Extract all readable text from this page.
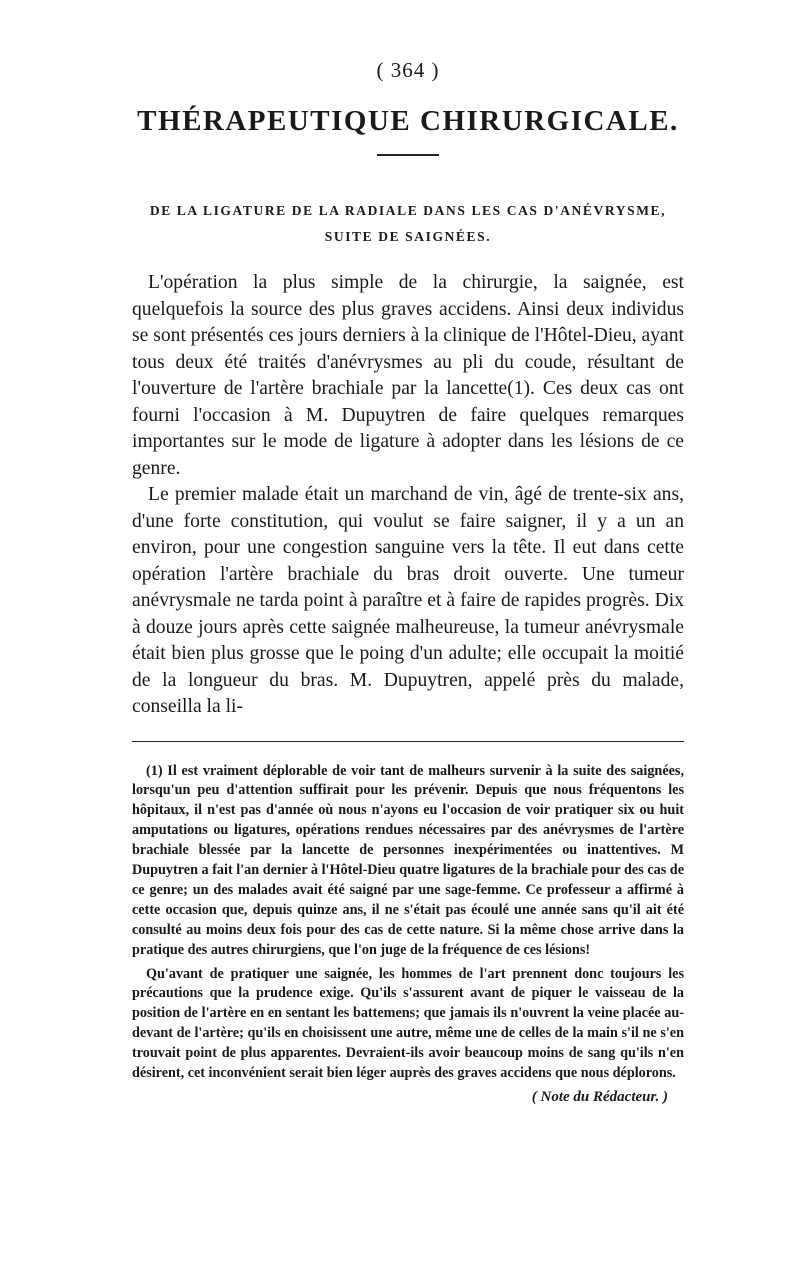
( 364 )
THÉRAPEUTIQUE CHIRURGICALE.
DE LA LIGATURE DE LA RADIALE DANS LES CAS D'ANÉVRYSME,
SUITE DE SAIGNÉES.

L'opération la plus simple de la chirurgie, la saignée, est quelquefois la source des plus graves accidens. Ainsi deux individus se sont présentés ces jours derniers à la clinique de l'Hôtel-Dieu, ayant tous deux été traités d'anévrysmes au pli du coude, résultant de l'ouverture de l'artère brachiale par la lancette(1). Ces deux cas ont fourni l'occasion à M. Dupuytren de faire quelques remarques importantes sur le mode de ligature à adopter dans les lésions de ce genre.

Le premier malade était un marchand de vin, âgé de trente-six ans, d'une forte constitution, qui voulut se faire saigner, il y a un an environ, pour une congestion sanguine vers la tête. Il eut dans cette opération l'artère brachiale du bras droit ouverte. Une tumeur anévrysmale ne tarda point à paraître et à faire de rapides progrès. Dix à douze jours après cette saignée malheureuse, la tumeur anévrysmale était bien plus grosse que le poing d'un adulte; elle occupait la moitié de la longueur du bras. M. Dupuytren, appelé près du malade, conseilla la li-

(1) Il est vraiment déplorable de voir tant de malheurs survenir à la suite des saignées, lorsqu'un peu d'attention suffirait pour les prévenir. Depuis que nous fréquentons les hôpitaux, il n'est pas d'année où nous n'ayons eu l'occasion de voir pratiquer six ou huit amputations ou ligatures, opérations rendues nécessaires par des anévrysmes de l'artère brachiale blessée par la lancette de personnes inexpérimentées ou inattentives. M Dupuytren a fait l'an dernier à l'Hôtel-Dieu quatre ligatures de la brachiale pour des cas de ce genre; un des malades avait été saigné par une sage-femme. Ce professeur a affirmé à cette occasion que, depuis quinze ans, il ne s'était pas écoulé une année sans qu'il ait été consulté au moins deux fois pour des cas de cette nature. Si la même chose arrive dans la pratique des autres chirurgiens, que l'on juge de la fréquence de ces lésions!

Qu'avant de pratiquer une saignée, les hommes de l'art prennent donc toujours les précautions que la prudence exige. Qu'ils s'assurent avant de piquer le vaisseau de la position de l'artère en en sentant les battemens; que jamais ils n'ouvrent la veine placée au-devant de l'artère; qu'ils en choisissent une autre, même une de celles de la main s'il ne s'en trouvait point de plus apparentes. Devraient-ils avoir beaucoup moins de sang qu'ils n'en désirent, cet inconvénient serait bien léger auprès des graves accidens que nous déplorons.

( Note du Rédacteur. )
